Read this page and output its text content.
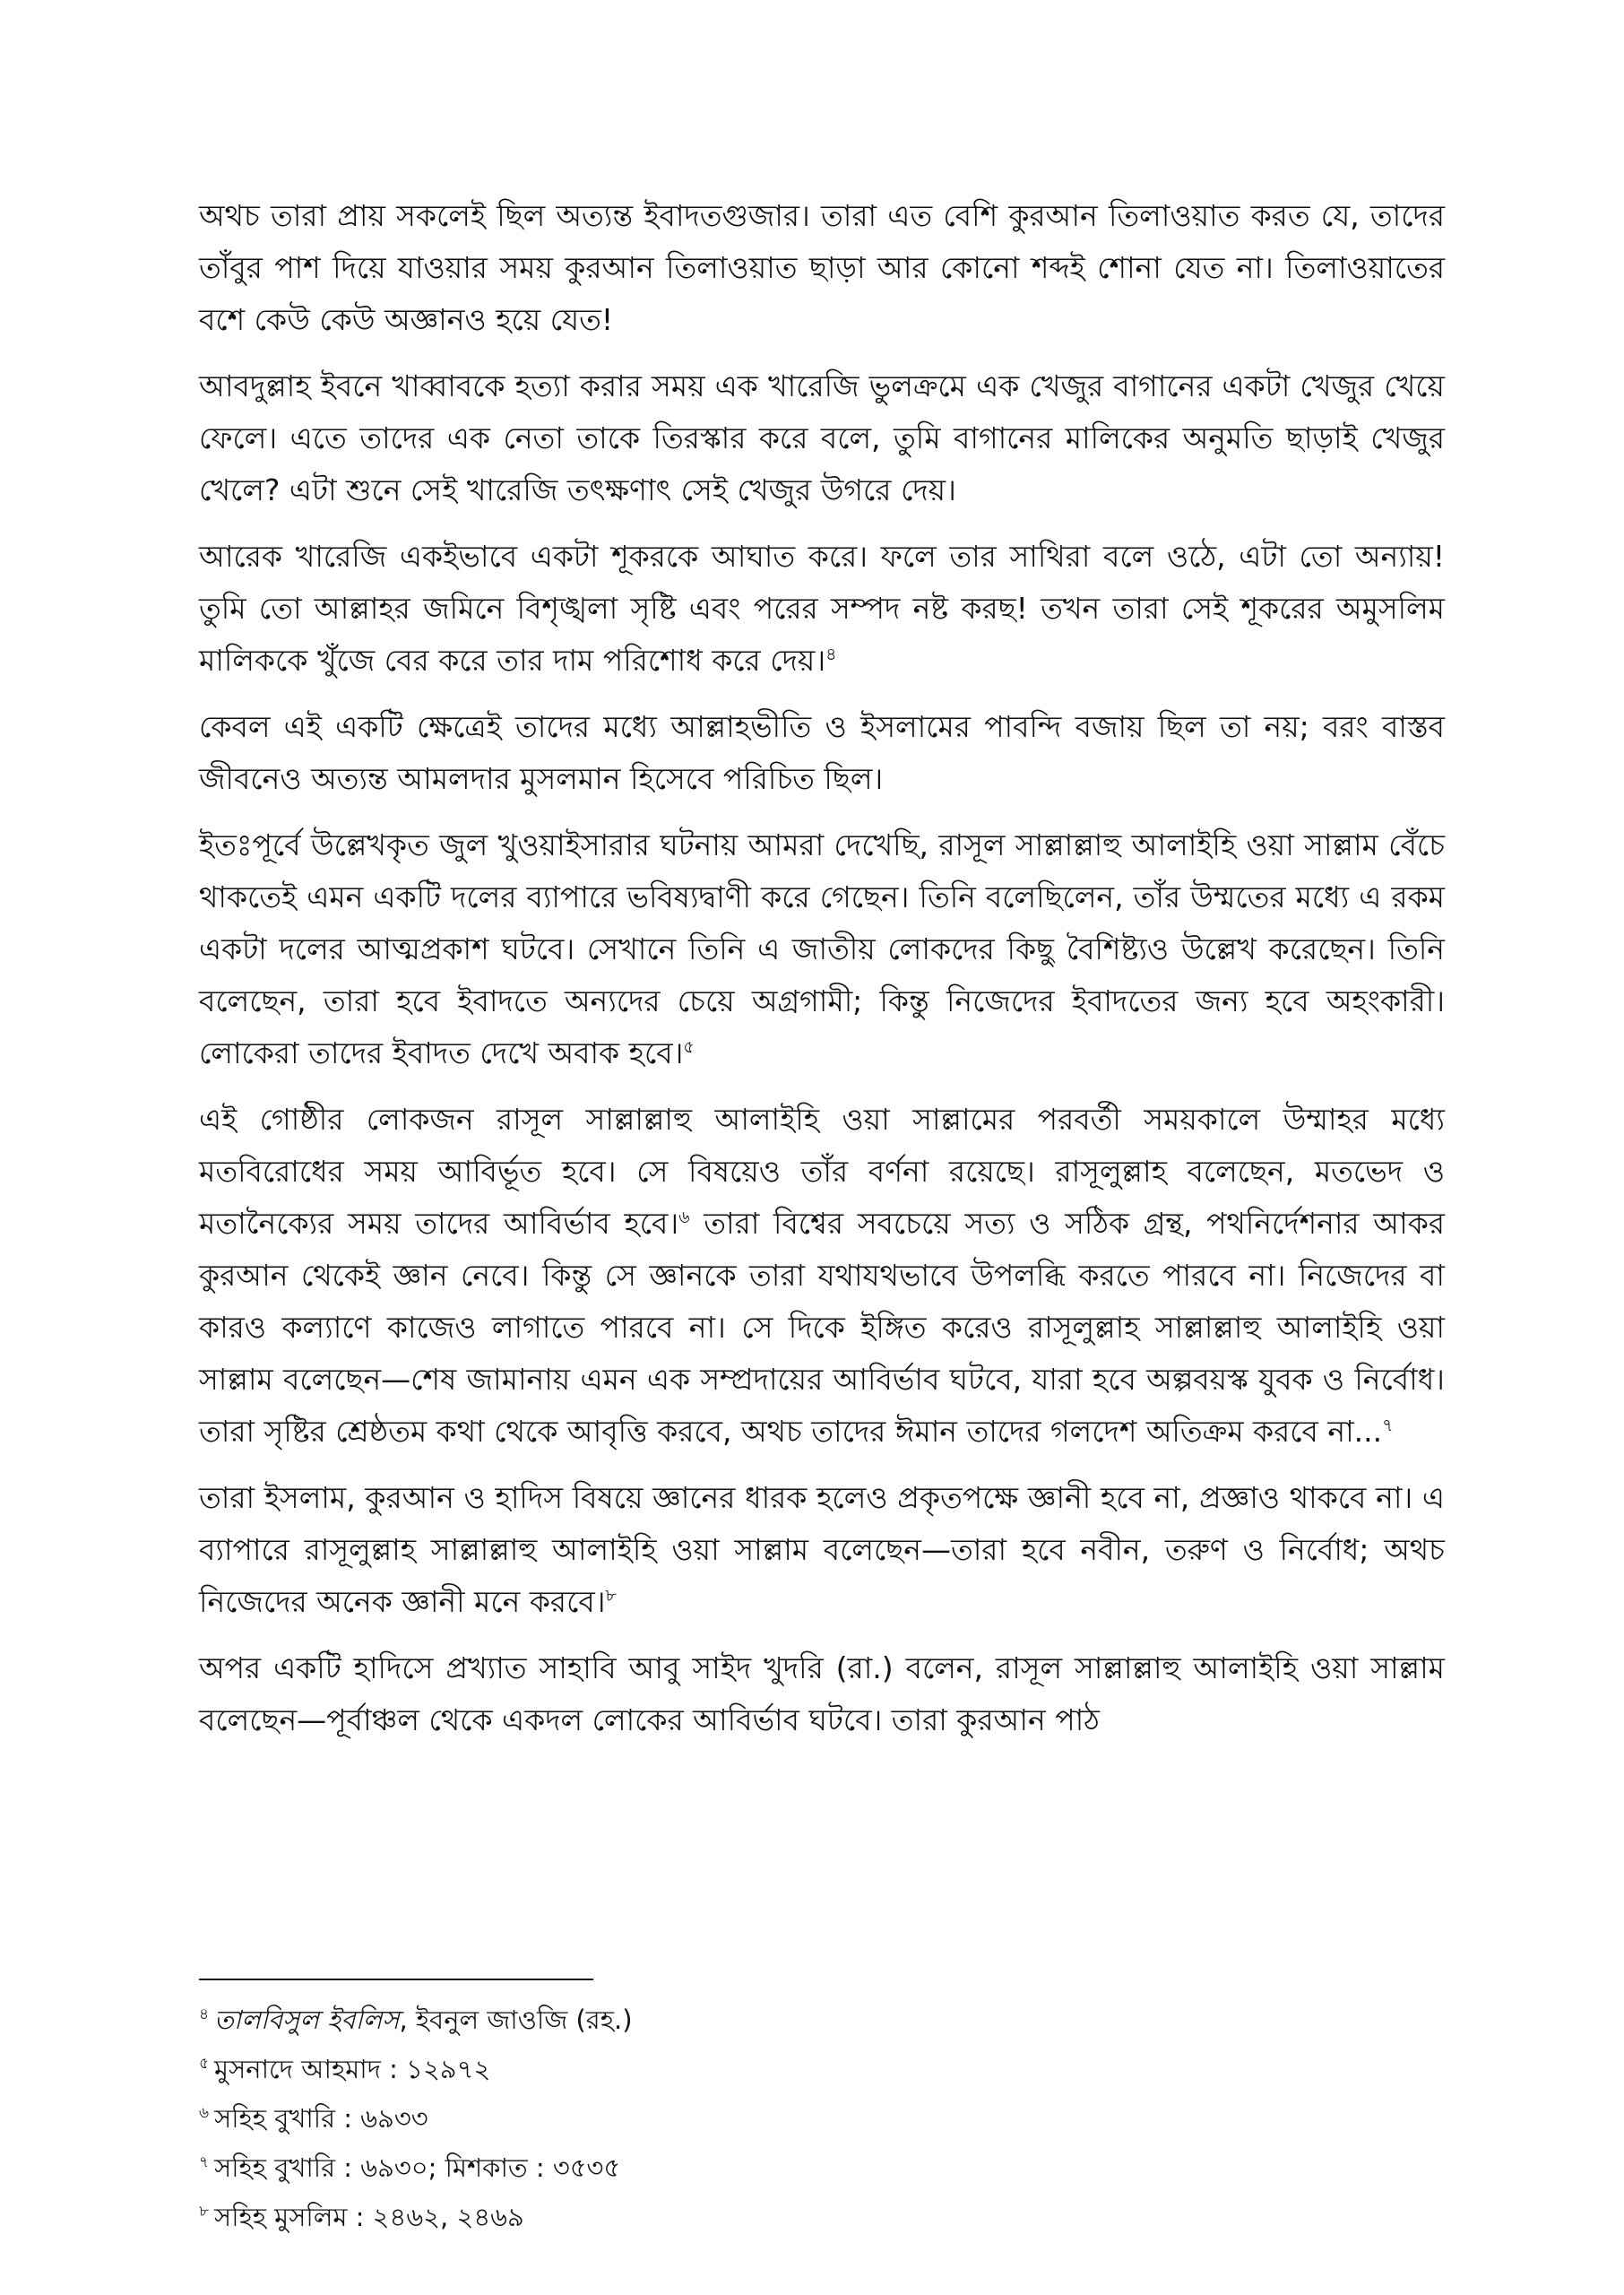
অথচ তারা প্রায় সকলেই ছিল অত্যন্ত ইবাদতগুজার। তারা এত বেশি কুরআন তিলাওয়াত করত যে, তাদের তাঁবুর পাশ দিয়ে যাওয়ার সময় কুরআন তিলাওয়াত ছাড়া আর কোনো শব্দই শোনা যেত না। তিলাওয়াতের বশে কেউ কেউ অজ্ঞানও হয়ে যেত!

আবদুল্লাহ ইবনে খাব্বাবকে হত্যা করার সময় এক খারেজি ভুলক্রমে এক খেজুর বাগানের একটা খেজুর খেয়ে ফেলে। এতে তাদের এক নেতা তাকে তিরস্কার করে বলে, তুমি বাগানের মালিকের অনুমতি ছাড়াই খেজুর খেলে? এটা শুনে সেই খারেজি তৎক্ষণাৎ সেই খেজুর উগরে দেয়।

আরেক খারেজি একইভাবে একটা শূকরকে আঘাত করে। ফলে তার সাথিরা বলে ওঠে, এটা তো অন্যায়! তুমি তো আল্লাহর জমিনে বিশৃঙ্খলা সৃষ্টি এবং পরের সম্পদ নষ্ট করছ! তখন তারা সেই শূকরের অমুসলিম মালিককে খুঁজে বের করে তার দাম পরিশোধ করে দেয়।$^৪$

কেবল এই একটি ক্ষেত্রেই তাদের মধ্যে আল্লাহভীতি ও ইসলামের পাবন্দি বজায় ছিল তা নয়; বরং বাস্তব জীবনেও অত্যন্ত আমলদার মুসলমান হিসেবে পরিচিত ছিল।

ইতঃপূর্বে উল্লেখকৃত জুল খুওয়াইসারার ঘটনায় আমরা দেখেছি, রাসূল সাল্লাল্লাহু আলাইহি ওয়া সাল্লাম বেঁচে থাকতেই এমন একটি দলের ব্যাপারে ভবিষ্যদ্বাণী করে গেছেন। তিনি বলেছিলেন, তাঁর উম্মতের মধ্যে এ রকম একটা দলের আত্মপ্রকাশ ঘটবে। সেখানে তিনি এ জাতীয় লোকদের কিছু বৈশিষ্ট্যও উল্লেখ করেছেন। তিনি বলেছেন, তারা হবে ইবাদতে অন্যদের চেয়ে অগ্রগামী; কিন্তু নিজেদের ইবাদতের জন্য হবে অহংকারী। লোকেরা তাদের ইবাদত দেখে অবাক হবে।$^৫$

এই গোষ্ঠীর লোকজন রাসূল সাল্লাল্লাহু আলাইহি ওয়া সাল্লামের পরবর্তী সময়কালে উম্মাহর মধ্যে মতবিরোধের সময় আবির্ভূত হবে। সে বিষয়েও তাঁর বর্ণনা রয়েছে। রাসূলুল্লাহ বলেছেন, মতভেদ ও মতানৈক্যের সময় তাদের আবির্ভাব হবে।$^৬$ তারা বিশ্বের সবচেয়ে সত্য ও সঠিক গ্রন্থ, পথনির্দেশনার আকর কুরআন থেকেই জ্ঞান নেবে। কিন্তু সে জ্ঞানকে তারা যথাযথভাবে উপলব্ধি করতে পারবে না। নিজেদের বা কারও কল্যাণে কাজেও লাগাতে পারবে না। সে দিকে ইঙ্গিত করেও রাসূলুল্লাহ সাল্লাল্লাহু আলাইহি ওয়া সাল্লাম বলেছেন—শেষ জামানায় এমন এক সম্প্রদায়ের আবির্ভাব ঘটবে, যারা হবে অল্পবয়স্ক যুবক ও নির্বোধ। তারা সৃষ্টির শ্রেষ্ঠতম কথা থেকে আবৃত্তি করবে, অথচ তাদের ঈমান তাদের গলদেশ অতিক্রম করবে না...$^৭$

তারা ইসলাম, কুরআন ও হাদিস বিষয়ে জ্ঞানের ধারক হলেও প্রকৃতপক্ষে জ্ঞানী হবে না, প্রজ্ঞাও থাকবে না। এ ব্যাপারে রাসূলুল্লাহ সাল্লাল্লাহু আলাইহি ওয়া সাল্লাম বলেছেন—তারা হবে নবীন, তরুণ ও নির্বোধ; অথচ নিজেদের অনেক জ্ঞানী মনে করবে।$^৮$

অপর একটি হাদিসে প্রখ্যাত সাহাবি আবু সাইদ খুদরি (রা.) বলেন, রাসূল সাল্লাল্লাহু আলাইহি ওয়া সাল্লাম বলেছেন—পূর্বাঞ্চল থেকে একদল লোকের আবির্ভাব ঘটবে। তারা কুরআন পাঠ

$^৪$ তালবিসুল ইবলিস, ইবনুল জাওজি (রহ.)

$^৫$ মুসনাদে আহমাদ : ১২৯৭২

$^৬$ সহিহ বুখারি : ৬৯৩৩

$^৭$ সহিহ বুখারি : ৬৯৩০; মিশকাত : ৩৫৩৫

$^৮$ সহিহ মুসলিম : ২৪৬২, ২৪৬৯
